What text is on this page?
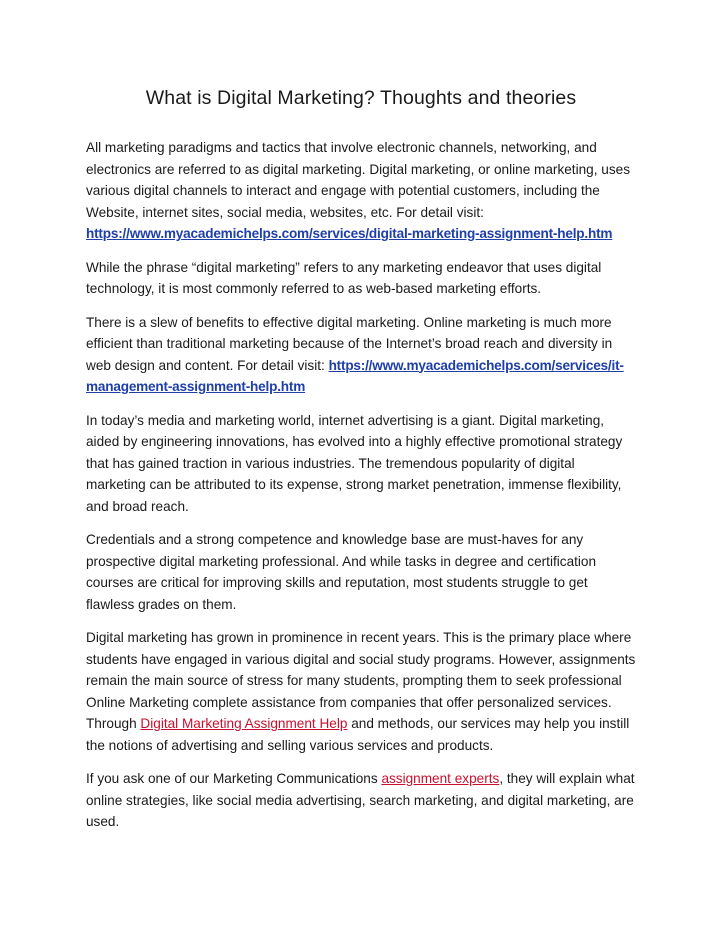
What is Digital Marketing? Thoughts and theories

All marketing paradigms and tactics that involve electronic channels, networking, and electronics are referred to as digital marketing. Digital marketing, or online marketing, uses various digital channels to interact and engage with potential customers, including the Website, internet sites, social media, websites, etc. For detail visit: https://www.myacademichelps.com/services/digital-marketing-assignment-help.htm

While the phrase “digital marketing” refers to any marketing endeavor that uses digital technology, it is most commonly referred to as web-based marketing efforts.

There is a slew of benefits to effective digital marketing. Online marketing is much more efficient than traditional marketing because of the Internet’s broad reach and diversity in web design and content. For detail visit: https://www.myacademichelps.com/services/it-management-assignment-help.htm

In today’s media and marketing world, internet advertising is a giant. Digital marketing, aided by engineering innovations, has evolved into a highly effective promotional strategy that has gained traction in various industries. The tremendous popularity of digital marketing can be attributed to its expense, strong market penetration, immense flexibility, and broad reach.

Credentials and a strong competence and knowledge base are must-haves for any prospective digital marketing professional. And while tasks in degree and certification courses are critical for improving skills and reputation, most students struggle to get flawless grades on them.

Digital marketing has grown in prominence in recent years. This is the primary place where students have engaged in various digital and social study programs. However, assignments remain the main source of stress for many students, prompting them to seek professional Online Marketing complete assistance from companies that offer personalized services. Through Digital Marketing Assignment Help and methods, our services may help you instill the notions of advertising and selling various services and products.

If you ask one of our Marketing Communications assignment experts, they will explain what online strategies, like social media advertising, search marketing, and digital marketing, are used.
